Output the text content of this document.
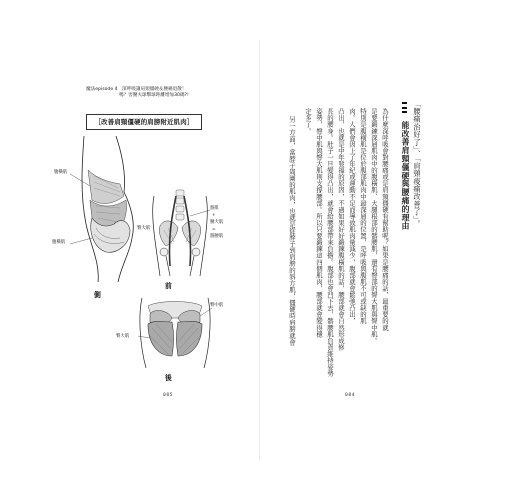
魔法episode 4　深呼吸讓肩頸僵硬＆腰痛退散！
嗎？害腰夫球擊球距離增加30碼?!
［改善肩頸僵硬的肩膀附近肌肉］
腹橫肌
腹橫肌
側
髂肌
+
腰大肌
=
髂腰肌
臀大肌
前
臀中肌
臀大肌
後
085
「腰痛治好了」、「肩頸痠痛改善了」。
能改善肩頸僵硬與腰痛的理由
為什麼深呼吸會對腰痛或是肩頸僵硬有幫助呢？如果是腰痛的話，最重要的就
是要鍛鍊深層肌肉中的腹橫肌、大腿根部的髂腰肌，還有臀部的臀大肌與臀中肌。
特別是腹橫肌是位於腹部肌肉中最深層的位置，是呼吸與腹肌不可或缺的肌
肉。人們會因上了年紀或運動不足而導致肌肉量減少，腹部就會鬆弛凸出，
凸出，也就是中年發福的原因，不過如果好好鍛鍊腹橫肌的話，腰部就會自然形成修
長的腰身。肚子一旦變得凸出，就會給腰部帶來負擔。腹部也會凹下去，髂腰肌負責維持姿勢
姿勢，臀中肌與臀大肌則支撐腰部。所以只要鍛鍊這四個肌肉，腰部就會變得穩
定多了。
另一方面，當脖子周圍的肌肉，也就是從脖子到肩膀的斜方肌，僵硬時肩膀就會
084
